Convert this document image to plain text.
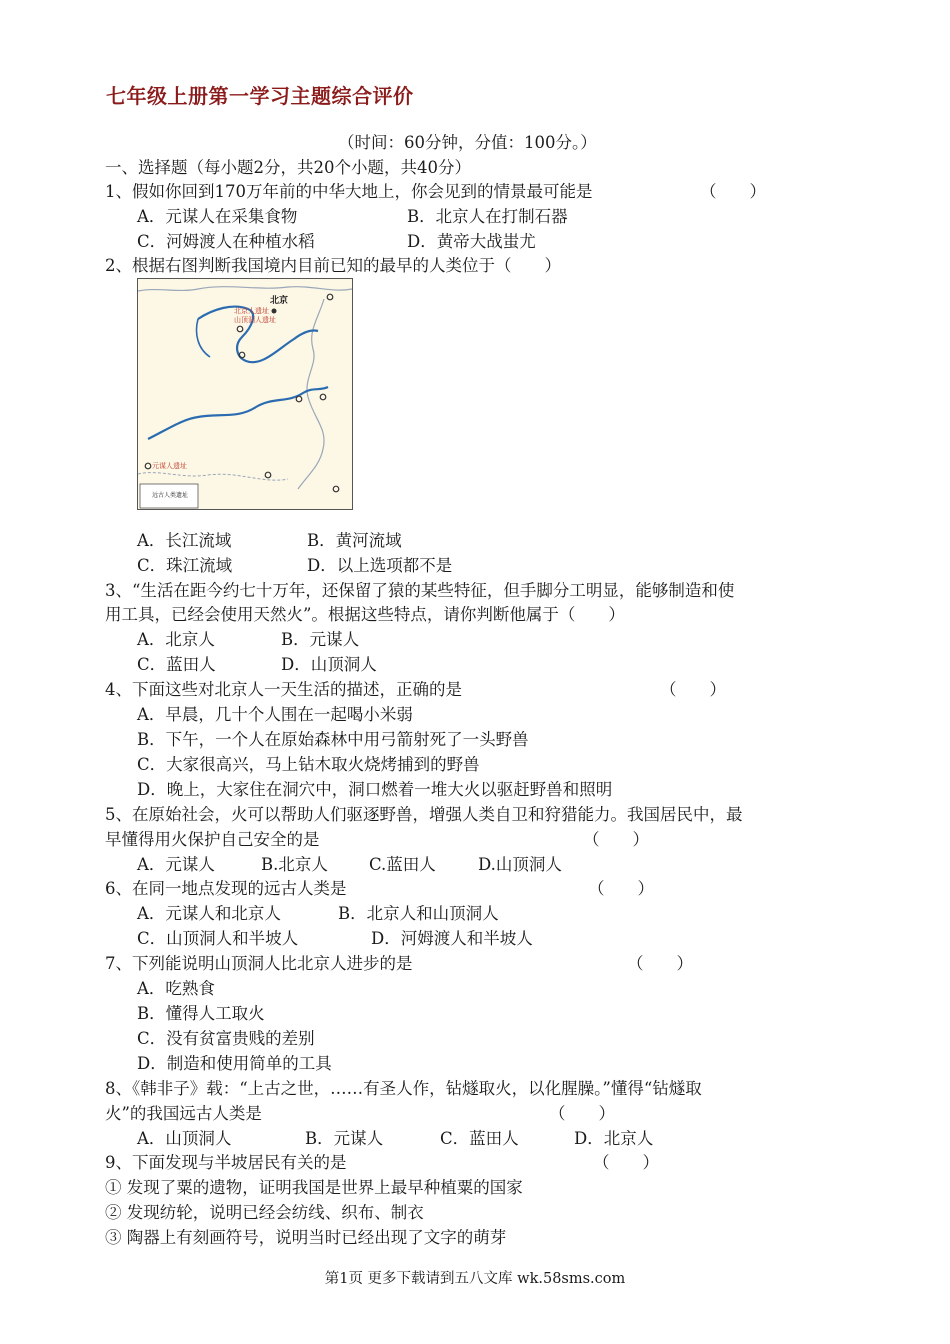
七年级上册第一学习主题综合评价
（时间：60分钟，分值：100分。）
一、选择题（每小题2分，共20个小题，共40分）
1、假如你回到170万年前的中华大地上，你会见到的情景最可能是	（　　）
A．元谋人在采集食物	B．北京人在打制石器
C．河姆渡人在种植水稻	D．黄帝大战蚩尤
2、根据右图判断我国境内目前已知的最早的人类位于（　　）
北京
北京人遗址
山顶洞人遗址
元谋人遗址
远古人类遗址
A．长江流域	B．黄河流域
C．珠江流域	D．以上选项都不是
3、“生活在距今约七十万年，还保留了猿的某些特征，但手脚分工明显，能够制造和使
用工具，已经会使用天然火”。根据这些特点，请你判断他属于（　　）
A．北京人	B．元谋人
C．蓝田人	D．山顶洞人
4、下面这些对北京人一天生活的描述，正确的是	（　　）
A．早晨，几十个人围在一起喝小米弱
B．下午，一个人在原始森林中用弓箭射死了一头野兽
C．大家很高兴，马上钻木取火烧烤捕到的野兽
D．晚上，大家住在洞穴中，洞口燃着一堆大火以驱赶野兽和照明
5、在原始社会，火可以帮助人们驱逐野兽，增强人类自卫和狩猎能力。我国居民中，最
早懂得用火保护自己安全的是	（　　）
A．元谋人	B.北京人 C.蓝田人	D.山顶洞人
6、在同一地点发现的远古人类是	（　　）
A．元谋人和北京人	B．北京人和山顶洞人
C．山顶洞人和半坡人	D．河姆渡人和半坡人
7、下列能说明山顶洞人比北京人进步的是	（　　）
A．吃熟食
B．懂得人工取火
C．没有贫富贵贱的差别
D．制造和使用简单的工具
8、《韩非子》载：“上古之世，……有圣人作，钻燧取火，以化腥臊。”懂得“钻燧取
火”的我国远古人类是	（　　）
A．山顶洞人	B．元谋人	C．蓝田人	D．北京人
9、下面发现与半坡居民有关的是	（　　）
① 发现了粟的遗物，证明我国是世界上最早种植粟的国家
② 发现纺轮，说明已经会纺线、织布、制衣
③ 陶器上有刻画符号，说明当时已经出现了文字的萌芽
第1页 更多下载请到五八文库 wk.58sms.com
